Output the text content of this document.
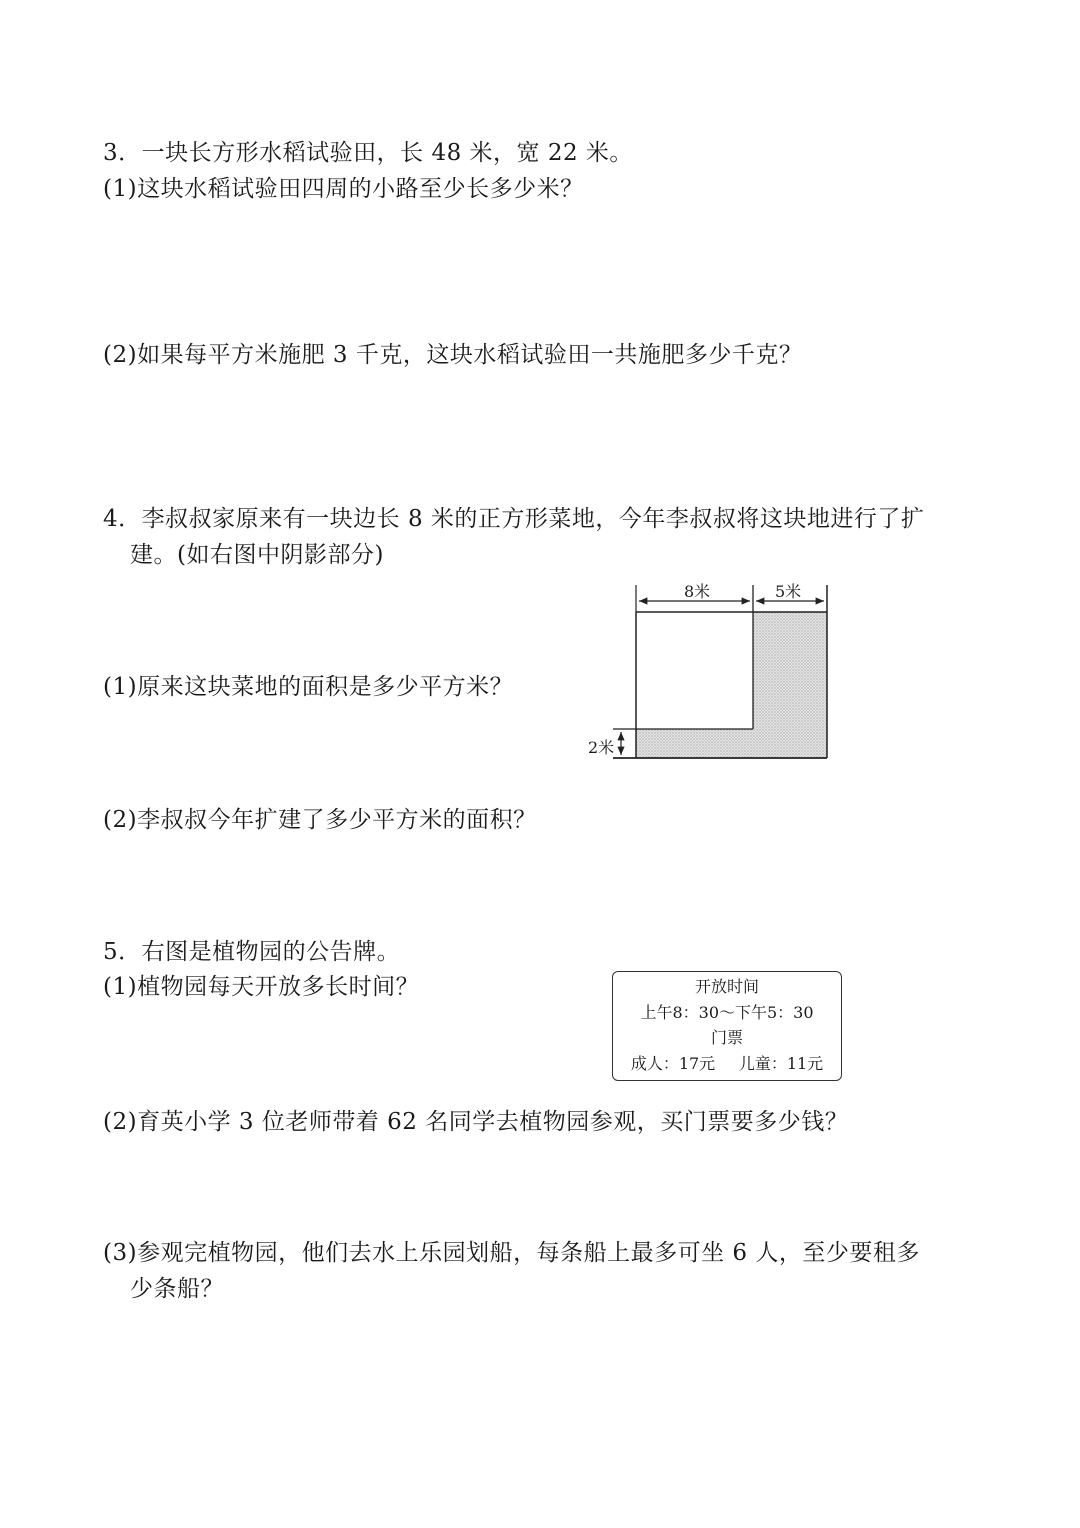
3．一块长方形水稻试验田，长 48 米，宽 22 米。
(1)这块水稻试验田四周的小路至少长多少米？
(2)如果每平方米施肥 3 千克，这块水稻试验田一共施肥多少千克？
4．李叔叔家原来有一块边长 8 米的正方形菜地，今年李叔叔将这块地进行了扩
建。(如右图中阴影部分)
(1)原来这块菜地的面积是多少平方米？
(2)李叔叔今年扩建了多少平方米的面积？
8米	5米
2米
5．右图是植物园的公告牌。
(1)植物园每天开放多长时间？	开放时间
上午8：30～下午5：30
门票
成人：17元 儿童：11元
(2)育英小学 3 位老师带着 62 名同学去植物园参观，买门票要多少钱？
(3)参观完植物园，他们去水上乐园划船，每条船上最多可坐 6 人，至少要租多
少条船？
